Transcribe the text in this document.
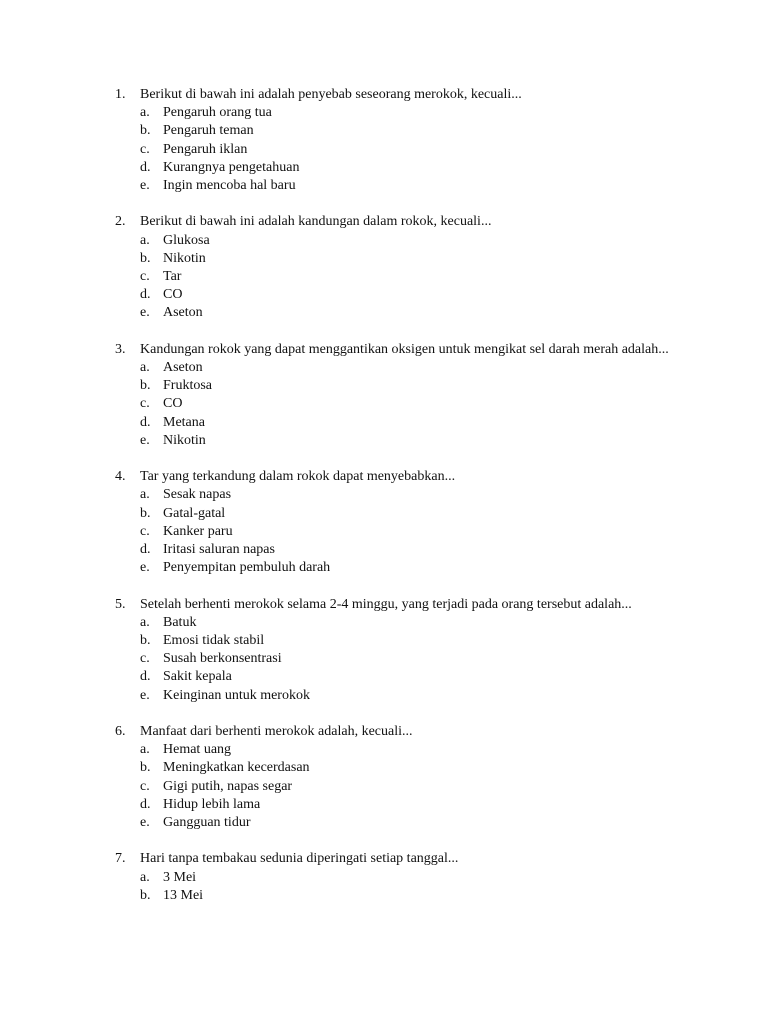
1.	Berikut di bawah ini adalah penyebab seseorang merokok, kecuali...
a. Pengaruh orang tua
b. Pengaruh teman
c. Pengaruh iklan
d. Kurangnya pengetahuan
e. Ingin mencoba hal baru
2.	Berikut di bawah ini adalah kandungan dalam rokok, kecuali...
a. Glukosa
b. Nikotin
c. Tar
d. CO
e. Aseton
3.	Kandungan rokok yang dapat menggantikan oksigen untuk mengikat sel darah merah adalah...
a. Aseton
b. Fruktosa
c. CO
d. Metana
e. Nikotin
4.	Tar yang terkandung dalam rokok dapat menyebabkan...
a. Sesak napas
b. Gatal-gatal
c. Kanker paru
d. Iritasi saluran napas
e. Penyempitan pembuluh darah
5.	Setelah berhenti merokok selama 2-4 minggu, yang terjadi pada orang tersebut adalah...
a. Batuk
b. Emosi tidak stabil
c. Susah berkonsentrasi
d. Sakit kepala
e. Keinginan untuk merokok
6.	Manfaat dari berhenti merokok adalah, kecuali...
a. Hemat uang
b. Meningkatkan kecerdasan
c. Gigi putih, napas segar
d. Hidup lebih lama
e. Gangguan tidur
7.	Hari tanpa tembakau sedunia diperingati setiap tanggal...
a. 3 Mei
b. 13 Mei
